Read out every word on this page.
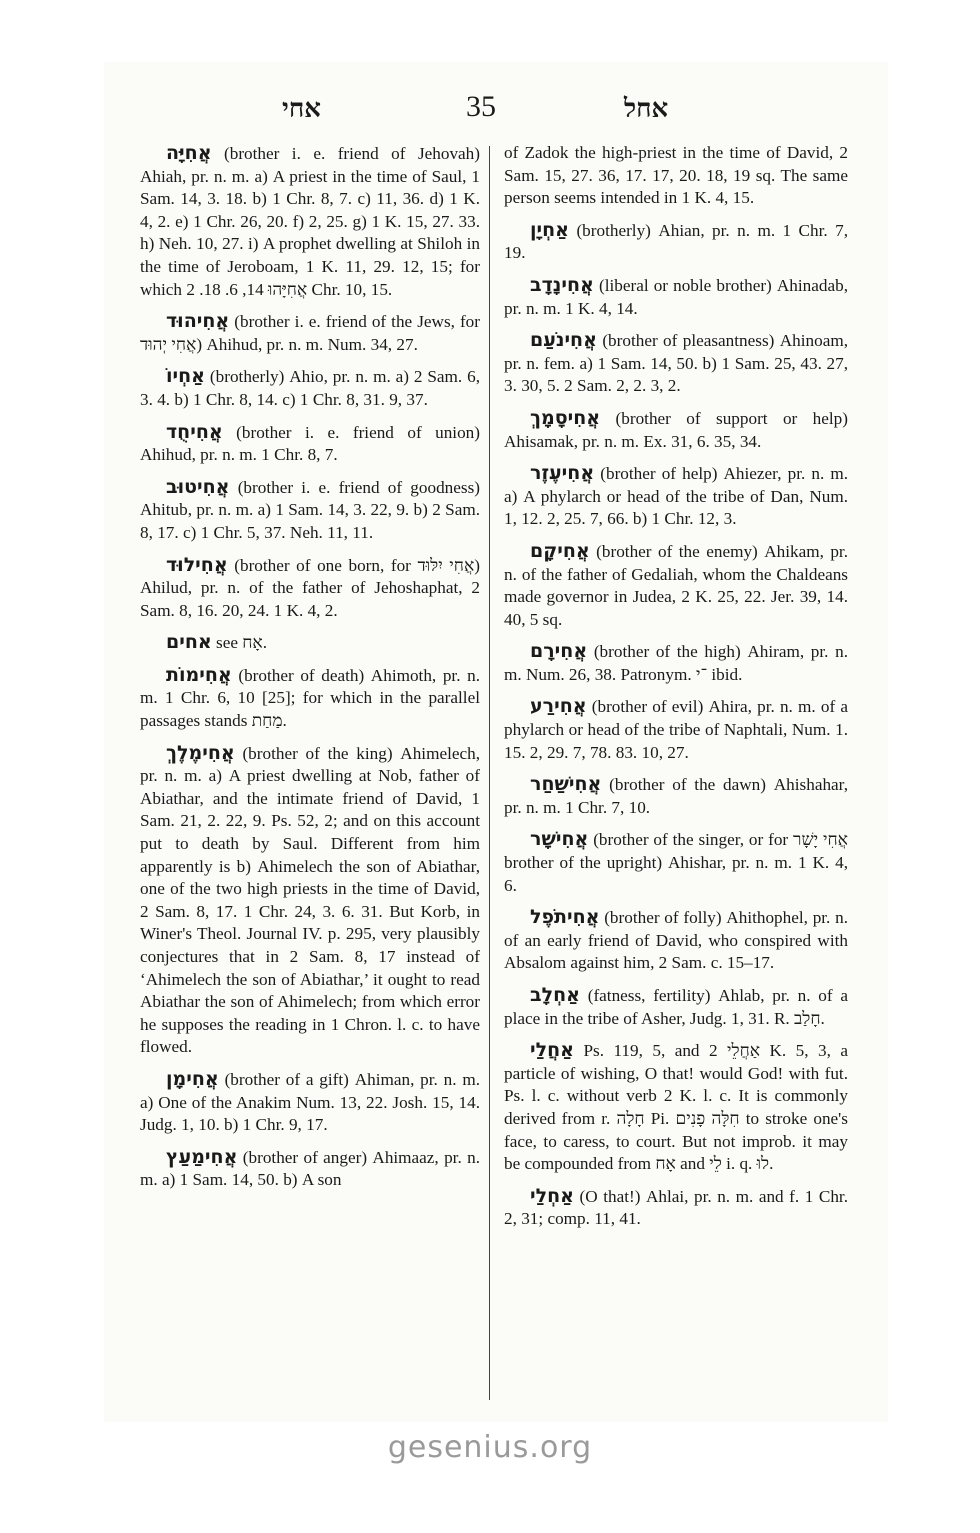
אחי	35	אחל

אֲחִיָּה (brother i. e. friend of Jehovah) Ahiah, pr. n. m. a) A priest in the time of Saul, 1 Sam. 14, 3. 18. b) 1 Chr. 8, 7. c) 11, 36. d) 1 K. 4, 2. e) 1 Chr. 26, 20. f) 2, 25. g) 1 K. 15, 27. 33. h) Neh. 10, 27. i) A prophet dwelling at Shiloh in the time of Jeroboam, 1 K. 11, 29. 12, 15; for which אֲחִיָּהוּ 14, 6. 18. 2 Chr. 10, 15.

אֲחִיהוּד (brother i. e. friend of the Jews, for אֲחִי יְהוּד) Ahihud, pr. n. m. Num. 34, 27.

אַחְיוֹ (brotherly) Ahio, pr. n. m. a) 2 Sam. 6, 3. 4. b) 1 Chr. 8, 14. c) 1 Chr. 8, 31. 9, 37.

אֲחִיחֻד (brother i. e. friend of union) Ahihud, pr. n. m. 1 Chr. 8, 7.

אֲחִיטוּב (brother i. e. friend of goodness) Ahitub, pr. n. m. a) 1 Sam. 14, 3. 22, 9. b) 2 Sam. 8, 17. c) 1 Chr. 5, 37. Neh. 11, 11.

אֲחִילוּד (brother of one born, for אֲחִי יִלּוּד) Ahilud, pr. n. of the father of Jehoshaphat, 2 Sam. 8, 16. 20, 24. 1 K. 4, 2.

אחים see אָח.

אֲחִימוֹת (brother of death) Ahimoth, pr. n. m. 1 Chr. 6, 10 [25]; for which in the parallel passages stands מַחַת.

אֲחִימֶלֶךְ (brother of the king) Ahimelech, pr. n. m. a) A priest dwelling at Nob, father of Abiathar, and the intimate friend of David, 1 Sam. 21, 2. 22, 9. Ps. 52, 2; and on this account put to death by Saul. Different from him apparently is b) Ahimelech the son of Abiathar, one of the two high priests in the time of David, 2 Sam. 8, 17. 1 Chr. 24, 3. 6. 31. But Korb, in Winer's Theol. Journal IV. p. 295, very plausibly conjectures that in 2 Sam. 8, 17 instead of ‘Ahimelech the son of Abiathar,’ it ought to read Abiathar the son of Ahimelech; from which error he supposes the reading in 1 Chron. l. c. to have flowed.

אֲחִימָן (brother of a gift) Ahiman, pr. n. m. a) One of the Anakim Num. 13, 22. Josh. 15, 14. Judg. 1, 10. b) 1 Chr. 9, 17.

אֲחִימַעַץ (brother of anger) Ahimaaz, pr. n. m. a) 1 Sam. 14, 50. b) A son

of Zadok the high-priest in the time of David, 2 Sam. 15, 27. 36, 17. 17, 20. 18, 19 sq. The same person seems intended in 1 K. 4, 15.

אַחְיָן (brotherly) Ahian, pr. n. m. 1 Chr. 7, 19.

אֲחִינָדָב (liberal or noble brother) Ahinadab, pr. n. m. 1 K. 4, 14.

אֲחִינֹעַם (brother of pleasantness) Ahinoam, pr. n. fem. a) 1 Sam. 14, 50. b) 1 Sam. 25, 43. 27, 3. 30, 5. 2 Sam. 2, 2. 3, 2.

אֲחִיסָמָךְ (brother of support or help) Ahisamak, pr. n. m. Ex. 31, 6. 35, 34.

אֲחִיעֶזֶר (brother of help) Ahiezer, pr. n. m. a) A phylarch or head of the tribe of Dan, Num. 1, 12. 2, 25. 7, 66. b) 1 Chr. 12, 3.

אֲחִיקָם (brother of the enemy) Ahikam, pr. n. of the father of Gedaliah, whom the Chaldeans made governor in Judea, 2 K. 25, 22. Jer. 39, 14. 40, 5 sq.

אֲחִירָם (brother of the high) Ahiram, pr. n. m. Num. 26, 38. Patronym. ־י ibid.

אֲחִירַע (brother of evil) Ahira, pr. n. m. of a phylarch or head of the tribe of Naphtali, Num. 1. 15. 2, 29. 7, 78. 83. 10, 27.

אֲחִישַׁחַר (brother of the dawn) Ahishahar, pr. n. m. 1 Chr. 7, 10.

אֲחִישָׁר (brother of the singer, or for אֲחִי יָשָׁר brother of the upright) Ahishar, pr. n. m. 1 K. 4, 6.

אֲחִיתֹפֶל (brother of folly) Ahithophel, pr. n. of an early friend of David, who conspired with Absalom against him, 2 Sam. c. 15–17.

אַחְלָב (fatness, fertility) Ahlab, pr. n. of a place in the tribe of Asher, Judg. 1, 31. R. חָלַב.

אַחֲלַי Ps. 119, 5, and אַחֲלֵי 2 K. 5, 3, a particle of wishing, O that! would God! with fut. Ps. l. c. without verb 2 K. l. c. It is commonly derived from r. חָלָה Pi. חִלָּה פָנִים to stroke one's face, to caress, to court. But not improb. it may be compounded from אָח and לֵי i. q. לוּ.

אַחְלַי (O that!) Ahlai, pr. n. m. and f. 1 Chr. 2, 31; comp. 11, 41.

gesenius.org
